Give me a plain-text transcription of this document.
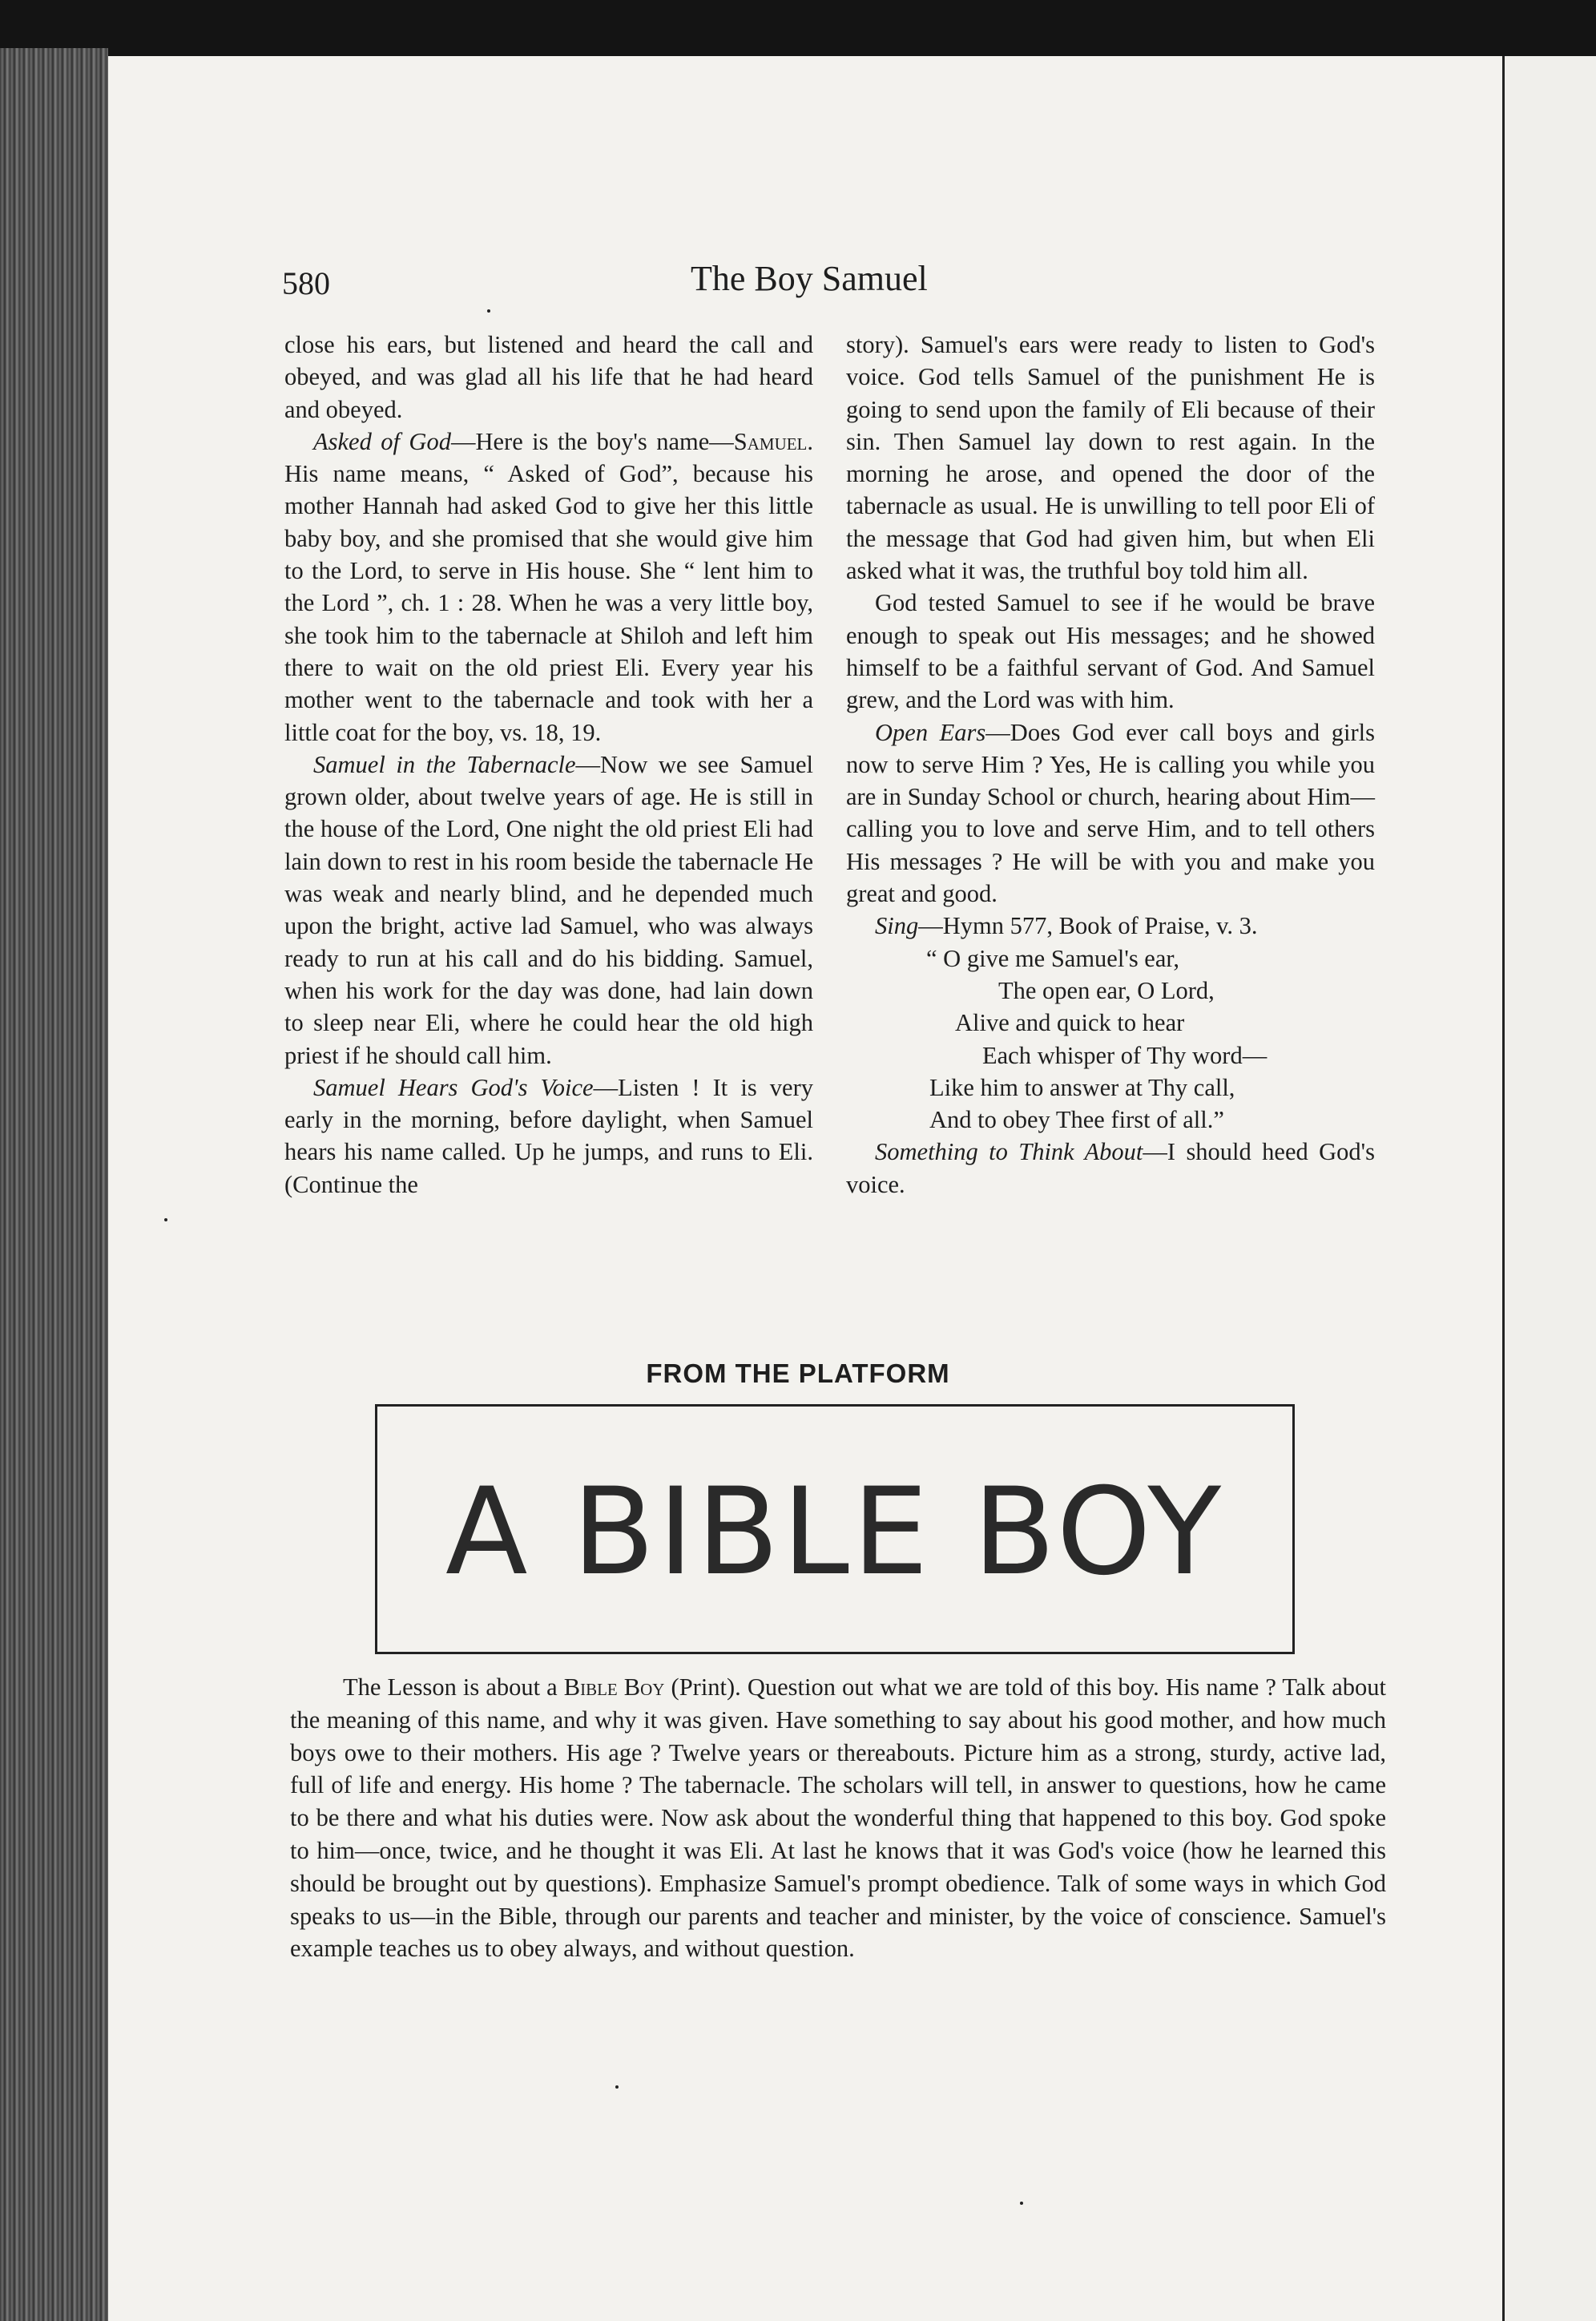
580	The Boy Samuel

close his ears, but listened and heard the call and obeyed, and was glad all his life that he had heard and obeyed.

Asked of God—Here is the boy's name—Samuel. His name means, “ Asked of God”, because his mother Hannah had asked God to give her this little baby boy, and she promised that she would give him to the Lord, to serve in His house. She “ lent him to the Lord ”, ch. 1 : 28. When he was a very little boy, she took him to the tabernacle at Shiloh and left him there to wait on the old priest Eli. Every year his mother went to the tabernacle and took with her a little coat for the boy, vs. 18, 19.

Samuel in the Tabernacle—Now we see Samuel grown older, about twelve years of age. He is still in the house of the Lord, One night the old priest Eli had lain down to rest in his room beside the tabernacle He was weak and nearly blind, and he depended much upon the bright, active lad Samuel, who was always ready to run at his call and do his bidding. Samuel, when his work for the day was done, had lain down to sleep near Eli, where he could hear the old high priest if he should call him.

Samuel Hears God's Voice—Listen ! It is very early in the morning, before daylight, when Samuel hears his name called. Up he jumps, and runs to Eli. (Continue the

story). Samuel's ears were ready to listen to God's voice. God tells Samuel of the punishment He is going to send upon the family of Eli because of their sin. Then Samuel lay down to rest again. In the morning he arose, and opened the door of the tabernacle as usual. He is unwilling to tell poor Eli of the message that God had given him, but when Eli asked what it was, the truthful boy told him all.

God tested Samuel to see if he would be brave enough to speak out His messages; and he showed himself to be a faithful servant of God. And Samuel grew, and the Lord was with him.

Open Ears—Does God ever call boys and girls now to serve Him ? Yes, He is calling you while you are in Sunday School or church, hearing about Him—calling you to love and serve Him, and to tell others His messages ? He will be with you and make you great and good.

Sing—Hymn 577, Book of Praise, v. 3.

“ O give me Samuel's ear,
The open ear, O Lord,
Alive and quick to hear
Each whisper of Thy word—
Like him to answer at Thy call,
And to obey Thee first of all.”

Something to Think About—I should heed God's voice.

FROM THE PLATFORM
A BIBLE BOY

The Lesson is about a Bible Boy (Print). Question out what we are told of this boy. His name ? Talk about the meaning of this name, and why it was given. Have something to say about his good mother, and how much boys owe to their mothers. His age ? Twelve years or thereabouts. Picture him as a strong, sturdy, active lad, full of life and energy. His home ? The tabernacle. The scholars will tell, in answer to questions, how he came to be there and what his duties were. Now ask about the wonderful thing that happened to this boy. God spoke to him—once, twice, and he thought it was Eli. At last he knows that it was God's voice (how he learned this should be brought out by questions). Emphasize Samuel's prompt obedience. Talk of some ways in which God speaks to us—in the Bible, through our parents and teacher and minister, by the voice of conscience. Samuel's example teaches us to obey always, and without question.
